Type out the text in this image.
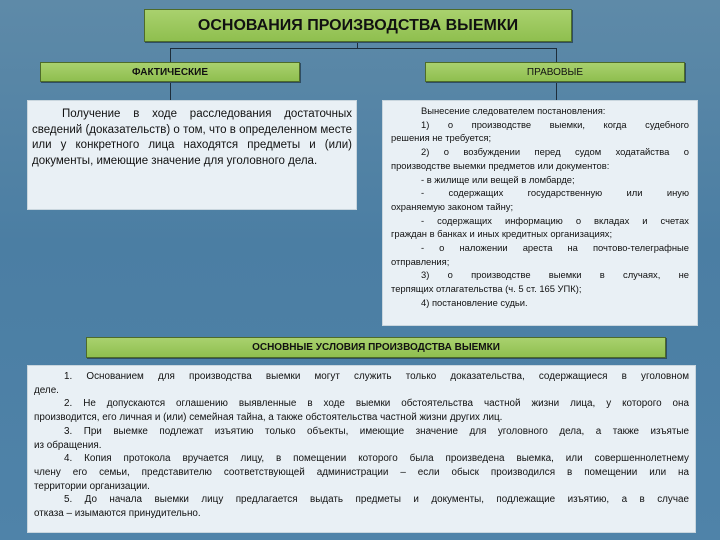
ОСНОВАНИЯ ПРОИЗВОДСТВА ВЫЕМКИ
ФАКТИЧЕСКИЕ	ПРАВОВЫЕ
Получение в ходе расследования достаточных сведений (доказательств) о том, что в определенном месте или у конкретного лица находятся предметы и (или) документы, имеющие значение для уголовного дела.
Вынесение следователем постановления:
1) о производстве выемки, когда судебного
решения не требуется;
2) о возбуждении перед судом ходатайства о
производстве выемки предметов или документов:
- в жилище или вещей в ломбарде;
- содержащих государственную или иную
охраняемую законом тайну;
- содержащих информацию о вкладах и счетах
граждан в банках и иных кредитных организациях;
- о наложении ареста на почтово-телеграфные
отправления;
3) о производстве выемки в случаях, не
терпящих отлагательства (ч. 5 ст. 165 УПК);
4) постановление судьи.
ОСНОВНЫЕ УСЛОВИЯ ПРОИЗВОДСТВА ВЫЕМКИ
1. Основанием для производства выемки могут служить только доказательства, содержащиеся в уголовном
деле.
2. Не допускаются оглашению выявленные в ходе выемки обстоятельства частной жизни лица, у которого она
производится, его личная и (или) семейная тайна, а также обстоятельства частной жизни других лиц.
3. При выемке подлежат изъятию только объекты, имеющие значение для уголовного дела, а также изъятые
из обращения.
4. Копия протокола вручается лицу, в помещении которого была произведена выемка, или совершеннолетнему
члену его семьи, представителю соответствующей администрации – если обыск производился в помещении или на
территории организации.
5. До начала выемки лицу предлагается выдать предметы и документы, подлежащие изъятию, а в случае
отказа – изымаются принудительно.
